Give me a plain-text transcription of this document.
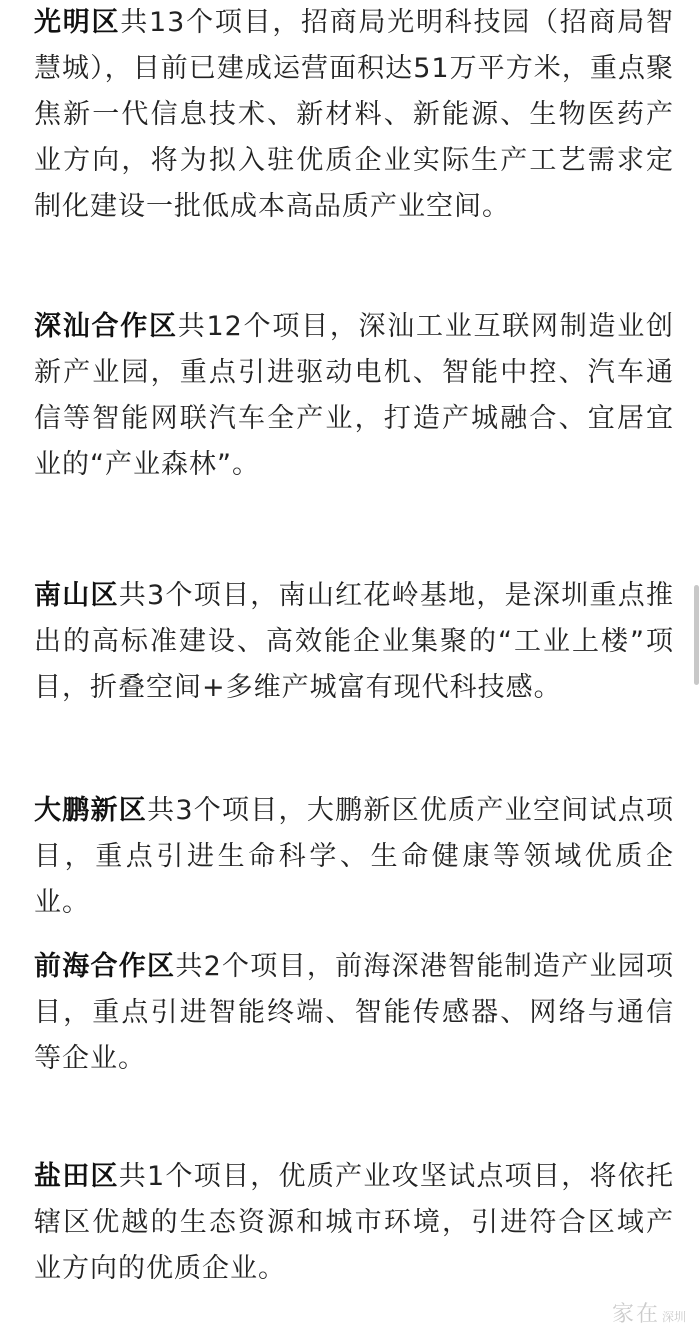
光明区共13个项目，招商局光明科技园（招商局智慧城），目前已建成运营面积达51万平方米，重点聚焦新一代信息技术、新材料、新能源、生物医药产业方向，将为拟入驻优质企业实际生产工艺需求定制化建设一批低成本高品质产业空间。

深汕合作区共12个项目，深汕工业互联网制造业创新产业园，重点引进驱动电机、智能中控、汽车通信等智能网联汽车全产业，打造产城融合、宜居宜业的“产业森林”。

南山区共3个项目，南山红花岭基地，是深圳重点推出的高标准建设、高效能企业集聚的“工业上楼”项目，折叠空间+多维产城富有现代科技感。

大鹏新区共3个项目，大鹏新区优质产业空间试点项目，重点引进生命科学、生命健康等领域优质企业。

前海合作区共2个项目，前海深港智能制造产业园项目，重点引进智能终端、智能传感器、网络与通信等企业。

盐田区共1个项目，优质产业攻坚试点项目，将依托辖区优越的生态资源和城市环境，引进符合区域产业方向的优质企业。

家在 深圳
